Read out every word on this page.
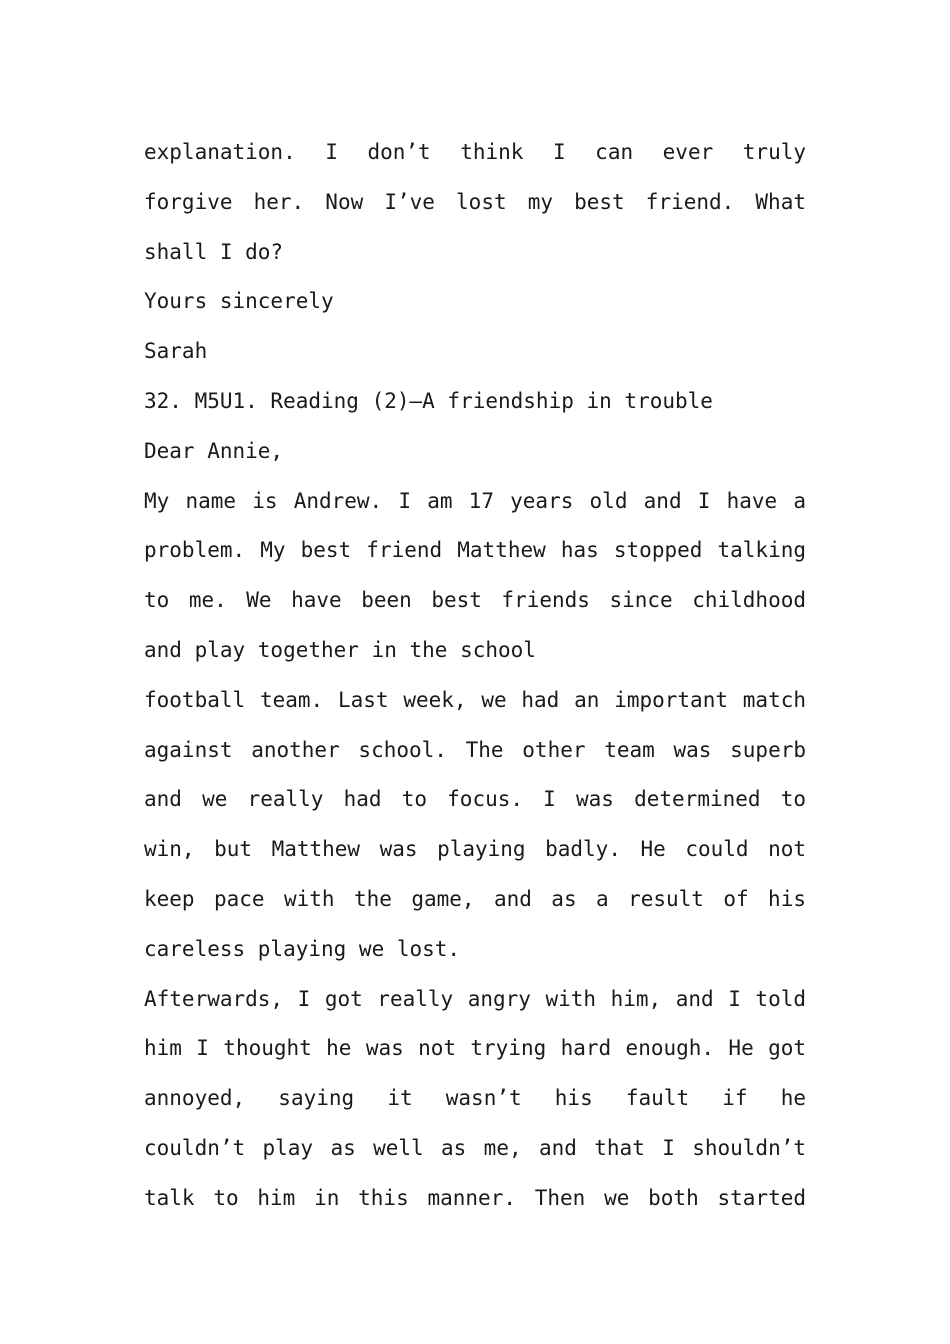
explanation. I don’t think I can ever truly
forgive her. Now I’ve lost my best friend. What
shall I do?
Yours sincerely
Sarah
32. M5U1. Reading (2)—A friendship in trouble
Dear Annie,
My name is Andrew. I am 17 years old and I have a
problem. My best friend Matthew has stopped talking
to me. We have been best friends since childhood
and play together in the school
football team. Last week, we had an important match
against another school. The other team was superb
and we really had to focus. I was determined to
win, but Matthew was playing badly. He could not
keep pace with the game, and as a result of his
careless playing we lost.
Afterwards, I got really angry with him, and I told
him I thought he was not trying hard enough. He got
annoyed, saying it wasn’t his fault if he
couldn’t play as well as me, and that I shouldn’t
talk to him in this manner. Then we both started
